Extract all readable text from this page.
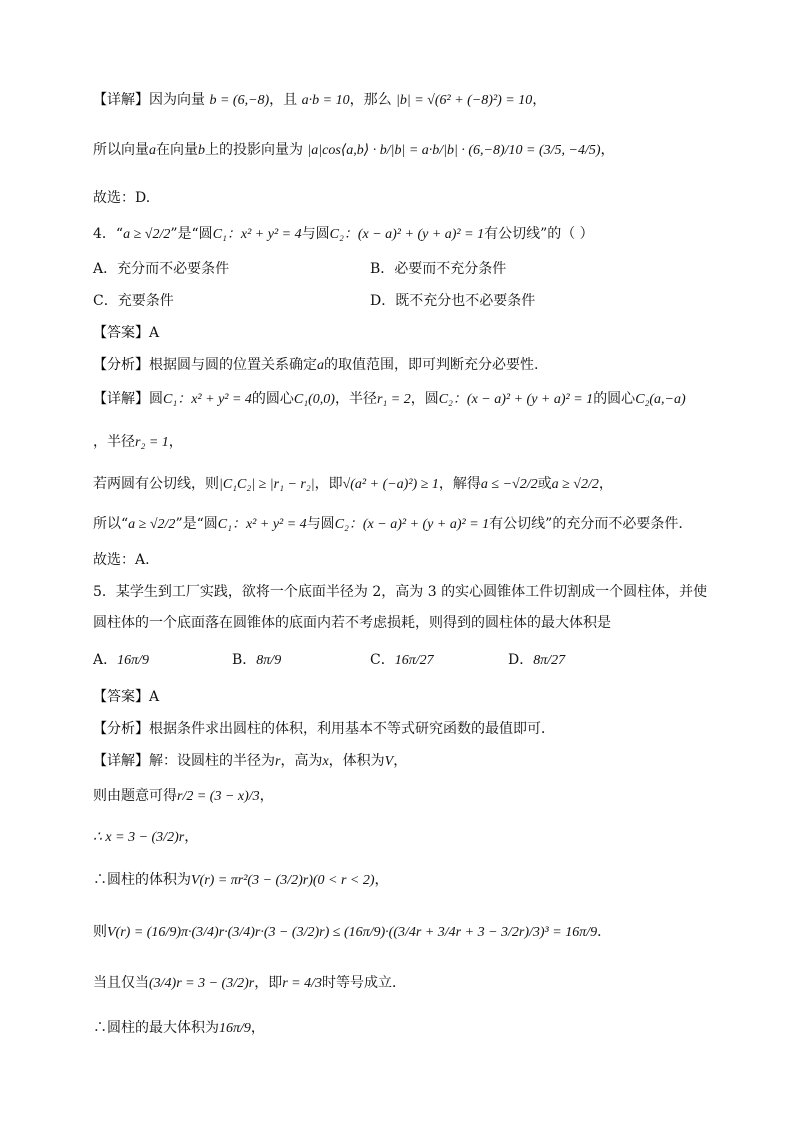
【详解】因为向量 b = (6,−8)，且 a·b = 10，那么 |b| = √(6² + (−8)²) = 10，
所以向量a在向量b上的投影向量为 |a|cos⟨a,b⟩ · b/|b| = a·b/|b| · (6,−8)/10 = (3/5, −4/5)，
故选：D.
4．“a ≥ √2/2”是“圆C₁：x² + y² = 4与圆C₂：(x − a)² + (y + a)² = 1有公切线”的（ ）
A．充分而不必要条件	B．必要而不充分条件
C．充要条件	D．既不充分也不必要条件
【答案】A
【分析】根据圆与圆的位置关系确定a的取值范围，即可判断充分必要性.
【详解】圆C₁：x² + y² = 4的圆心C₁(0,0)，半径r₁ = 2，圆C₂：(x − a)² + (y + a)² = 1的圆心C₂(a,−a)
，半径r₂ = 1，
若两圆有公切线，则|C₁C₂| ≥ |r₁ − r₂|，即√(a² + (−a)²) ≥ 1，解得a ≤ −√2/2或a ≥ √2/2，
所以“a ≥ √2/2”是“圆C₁：x² + y² = 4与圆C₂：(x − a)² + (y + a)² = 1有公切线”的充分而不必要条件.
故选：A.
5．某学生到工厂实践，欲将一个底面半径为 2，高为 3 的实心圆锥体工件切割成一个圆柱体，并使
圆柱体的一个底面落在圆锥体的底面内若不考虑损耗，则得到的圆柱体的最大体积是
A．16π/9	B．8π/9	C．16π/27	D．8π/27
【答案】A
【分析】根据条件求出圆柱的体积，利用基本不等式研究函数的最值即可．
【详解】解：设圆柱的半径为r，高为x，体积为V，
则由题意可得r/2 = (3 − x)/3，
∴ x = 3 − (3/2)r，
∴圆柱的体积为V(r) = πr²(3 − (3/2)r)(0 < r < 2)，
则V(r) = (16/9)π·(3/4)r·(3/4)r·(3 − (3/2)r) ≤ (16π/9)·((3/4r + 3/4r + 3 − 3/2r)/3)³ = 16π/9．
当且仅当(3/4)r = 3 − (3/2)r，即r = 4/3时等号成立．
∴圆柱的最大体积为16π/9，
